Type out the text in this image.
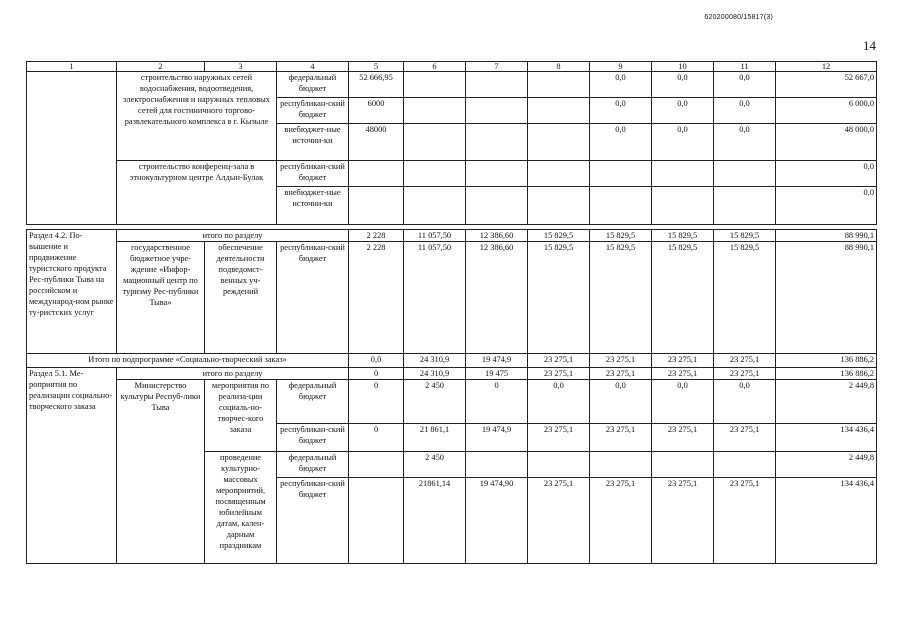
620200080/15817(3)
14
1	2	3	4	5	6	7	8	9	10	11	12
	строительство наружных сетей водоснабжения, водоотведения, электроснабжения и наружных тепловых сетей для гостиничного торгово-развлекательного комплекса в г. Кызыле		федеральный бюджет	52 666,95				0,0	0,0	0,0	52 667,0
			республикан-ский бюджет	6000				0,0	0,0	0,0	6 000,0
			внебюджет-ные источни-ки	48000				0,0	0,0	0,0	48 000,0
	строительство конференц-зала в этнокультурном центре Алдын-Булак		республикан-ский бюджет								0,0
			внебюджет-ные источни-ки								0,0
Раздел 4.2. По-вышение и продвижение туристского продукта Рес-публики Тыва на российском и международ-ном рынке ту-ристских услуг	итого по разделу			2 228	11 057,50	12 386,60	15 829,5	15 829,5	15 829,5	15 829,5	88 990,1
	государственное бюджетное учре-ждение «Инфор-мационный центр по туризму Рес-публики Тыва»	обеспечение деятельности подведомст-венных уч-реждений	республикан-ский бюджет	2 228	11 057,50	12 386,60	15 829,5	15 829,5	15 829,5	15 829,5	88 990,1
Итого по подпрограмме «Социально-творческий заказ»				0,0	24 310,9	19 474,9	23 275,1	23 275,1	23 275,1	23 275,1	136 886,2
Раздел 5.1. Ме-роприятия по реализации социально-творческого заказа	итого по разделу			0	24 310,9	19 475	23 275,1	23 275,1	23 275,1	23 275,1	136 886,2
	Министерство культуры Респуб-лики Тыва	мероприятия по реализа-ции социаль-но-творчес-кого заказа	федеральный бюджет	0	2 450	0	0,0	0,0	0,0	0,0	2 449,8
			республикан-ский бюджет	0	21 861,1	19 474,9	23 275,1	23 275,1	23 275,1	23 275,1	134 436,4
		проведение культурно-массовых мероприятий, посвященным юбилейным датам, кален-дарным праздникам	федеральный бюджет		2 450						2 449,8
			республикан-ский бюджет		21861,14	19 474,90	23 275,1	23 275,1	23 275,1	23 275,1	134 436,4
